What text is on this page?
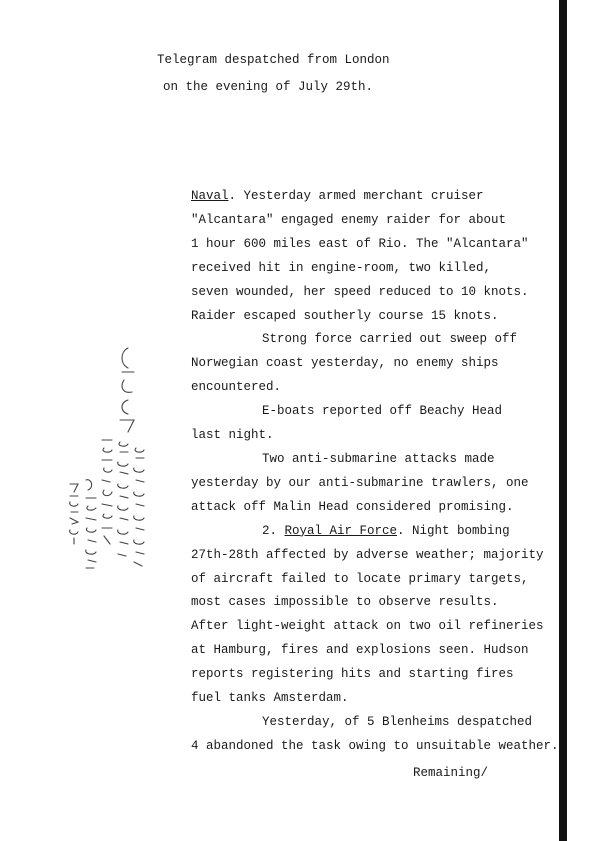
Telegram despatched from London
on the evening of July 29th.
Naval. Yesterday armed merchant cruiser
"Alcantara" engaged enemy raider for about
1 hour 600 miles east of Rio. The "Alcantara"
received hit in engine-room, two killed,
seven wounded, her speed reduced to 10 knots.
Raider escaped southerly course 15 knots.
Strong force carried out sweep off
Norwegian coast yesterday, no enemy ships
encountered.
E-boats reported off Beachy Head
last night.
Two anti-submarine attacks made
yesterday by our anti-submarine trawlers, one
attack off Malin Head considered promising.
2. Royal Air Force. Night bombing
27th-28th affected by adverse weather; majority
of aircraft failed to locate primary targets,
most cases impossible to observe results.
After light-weight attack on two oil refineries
at Hamburg, fires and explosions seen. Hudson
reports registering hits and starting fires
fuel tanks Amsterdam.
Yesterday, of 5 Blenheims despatched
4 abandoned the task owing to unsuitable weather.
Remaining/
